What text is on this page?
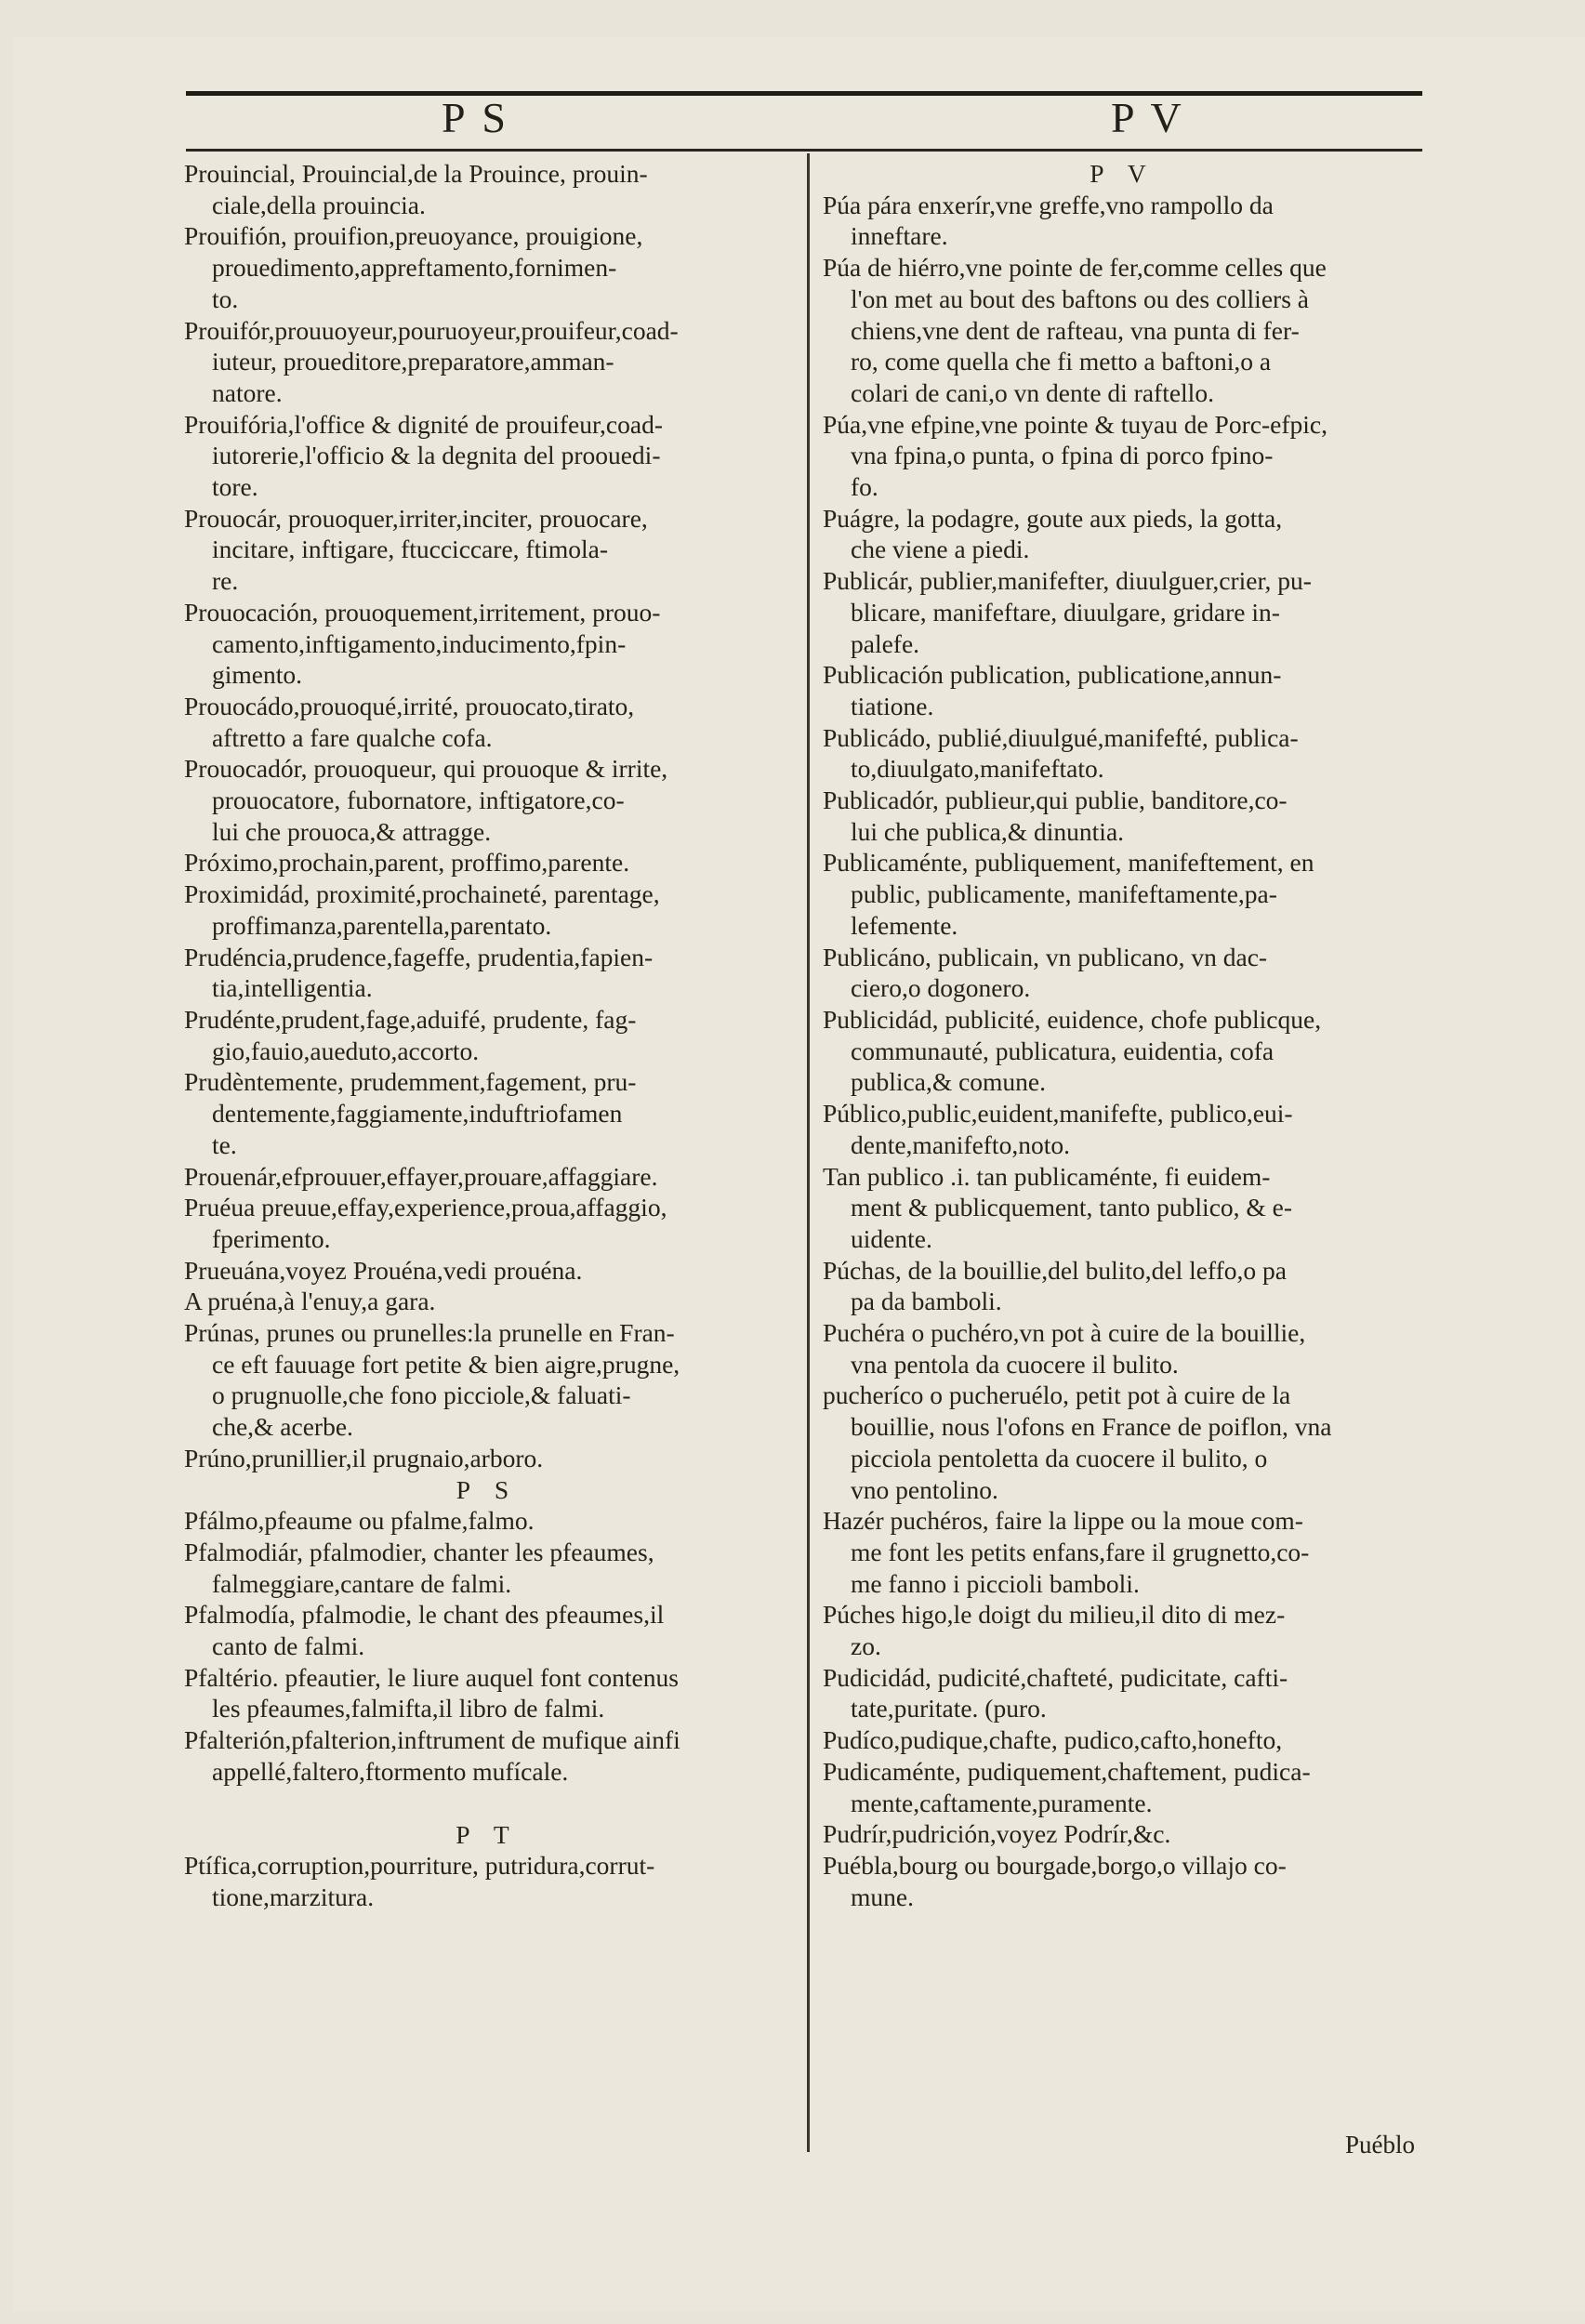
P S	P V
Prouincial, Prouincial,de la Prouince, prouin-
ciale,della prouincia.
Prouifión, prouifion,preuoyance, prouigione,
prouedimento,appreftamento,fornimen-
to.
Prouifór,prouuoyeur,pouruoyeur,prouifeur,coad-
iuteur, proueditore,preparatore,amman-
natore.
Prouifória,l'office & dignité de prouifeur,coad-
iutorerie,l'officio & la degnita del proouedi-
tore.
Prouocár, prouoquer,irriter,inciter, prouocare,
incitare, inftigare, ftucciccare, ftimola-
re.
Prouocación, prouoquement,irritement, prouo-
camento,inftigamento,inducimento,fpin-
gimento.
Prouocádo,prouoqué,irrité, prouocato,tirato,
aftretto a fare qualche cofa.
Prouocadór, prouoqueur, qui prouoque & irrite,
prouocatore, fubornatore, inftigatore,co-
lui che prouoca,& attragge.
Próximo,prochain,parent, proffimo,parente.
Proximidád, proximité,prochaineté, parentage,
proffimanza,parentella,parentato.
Prudéncia,prudence,fageffe, prudentia,fapien-
tia,intelligentia.
Prudénte,prudent,fage,aduifé, prudente, fag-
gio,fauio,aueduto,accorto.
Prudèntemente, prudemment,fagement, pru-
dentemente,faggiamente,induftriofamen
te.
Prouenár,efprouuer,effayer,prouare,affaggiare.
Pruéua preuue,effay,experience,proua,affaggio,
fperimento.
Prueuána,voyez Prouéna,vedi prouéna.
A pruéna,à l'enuy,a gara.
Prúnas, prunes ou prunelles:la prunelle en Fran-
ce eft fauuage fort petite & bien aigre,prugne,
o prugnuolle,che fono picciole,& faluati-
che,& acerbe.
Prúno,prunillier,il prugnaio,arboro.
P S
Pfálmo,pfeaume ou pfalme,falmo.
Pfalmodiár, pfalmodier, chanter les pfeaumes,
falmeggiare,cantare de falmi.
Pfalmodía, pfalmodie, le chant des pfeaumes,il
canto de falmi.
Pfaltério. pfeautier, le liure auquel font contenus
les pfeaumes,falmifta,il libro de falmi.
Pfalterión,pfalterion,inftrument de mufique ainfi
appellé,faltero,ftormento mufícale.
P T
Ptífica,corruption,pourriture, putridura,corrut-
tione,marzitura.
P V
Púa pára enxerír,vne greffe,vno rampollo da
inneftare.
Púa de hiérro,vne pointe de fer,comme celles que
l'on met au bout des baftons ou des colliers à
chiens,vne dent de rafteau, vna punta di fer-
ro, come quella che fi metto a baftoni,o a
colari de cani,o vn dente di raftello.
Púa,vne efpine,vne pointe & tuyau de Porc-efpic,
vna fpina,o punta, o fpina di porco fpino-
fo.
Puágre, la podagre, goute aux pieds, la gotta,
che viene a piedi.
Publicár, publier,manifefter, diuulguer,crier, pu-
blicare, manifeftare, diuulgare, gridare in-
palefe.
Publicación publication, publicatione,annun-
tiatione.
Publicádo, publié,diuulgué,manifefté, publica-
to,diuulgato,manifeftato.
Publicadór, publieur,qui publie, banditore,co-
lui che publica,& dinuntia.
Publicaménte, publiquement, manifeftement, en
public, publicamente, manifeftamente,pa-
lefemente.
Publicáno, publicain, vn publicano, vn dac-
ciero,o dogonero.
Publicidád, publicité, euidence, chofe publicque,
communauté, publicatura, euidentia, cofa
publica,& comune.
Público,public,euident,manifefte, publico,eui-
dente,manifefto,noto.
Tan publico .i. tan publicaménte, fi euidem-
ment & publicquement, tanto publico, & e-
uidente.
Púchas, de la bouillie,del bulito,del leffo,o pa
pa da bamboli.
Puchéra o puchéro,vn pot à cuire de la bouillie,
vna pentola da cuocere il bulito.
pucheríco o pucheruélo, petit pot à cuire de la
bouillie, nous l'ofons en France de poiflon, vna
picciola pentoletta da cuocere il bulito, o
vno pentolino.
Hazér puchéros, faire la lippe ou la moue com-
me font les petits enfans,fare il grugnetto,co-
me fanno i piccioli bamboli.
Púches higo,le doigt du milieu,il dito di mez-
zo.
Pudicidád, pudicité,chafteté, pudicitate, cafti-
tate,puritate. (puro.
Pudíco,pudique,chafte, pudico,cafto,honefto,
Pudicaménte, pudiquement,chaftement, pudica-
mente,caftamente,puramente.
Pudrír,pudrición,voyez Podrír,&c.
Puébla,bourg ou bourgade,borgo,o villajo co-
mune.
Puéblo
